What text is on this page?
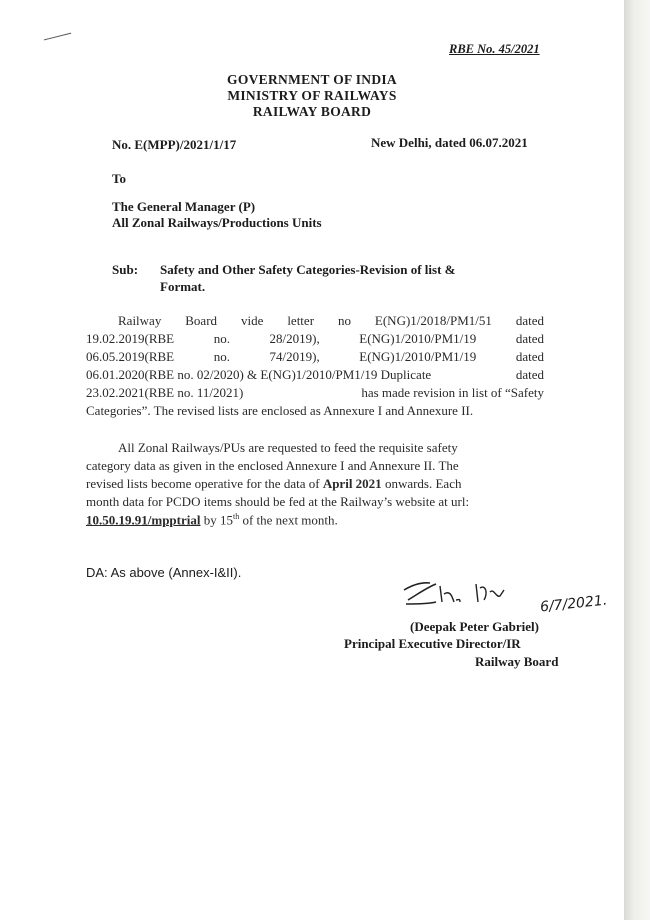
RBE No. 45/2021
GOVERNMENT OF INDIA
MINISTRY OF RAILWAYS
RAILWAY BOARD
No. E(MPP)/2021/1/17	New Delhi, dated 06.07.2021
To
The General Manager (P)
All Zonal Railways/Productions Units
Sub: Safety and Other Safety Categories-Revision of list &
Format.
Railway Board vide letter no E(NG)1/2018/PM1/51 dated
19.02.2019(RBE	no.	28/2019),	E(NG)1/2010/PM1/19	dated
06.05.2019(RBE	no.	74/2019),	E(NG)1/2010/PM1/19	dated
06.01.2020(RBE no. 02/2020) & E(NG)1/2010/PM1/19 Duplicate	dated
23.02.2021(RBE no. 11/2021)	has made revision in list of “Safety
Categories”. The revised lists are enclosed as Annexure I and Annexure II.
All Zonal Railways/PUs are requested to feed the requisite safety
category data as given in the enclosed Annexure I and Annexure II. The
revised lists become operative for the data of April 2021 onwards. Each
month data for PCDO items should be fed at the Railway’s website at url:
10.50.19.91/mpptrial by 15th of the next month.
DA: As above (Annex-I&II).
6/7/2021.
(Deepak Peter Gabriel)
Principal Executive Director/IR
Railway Board
